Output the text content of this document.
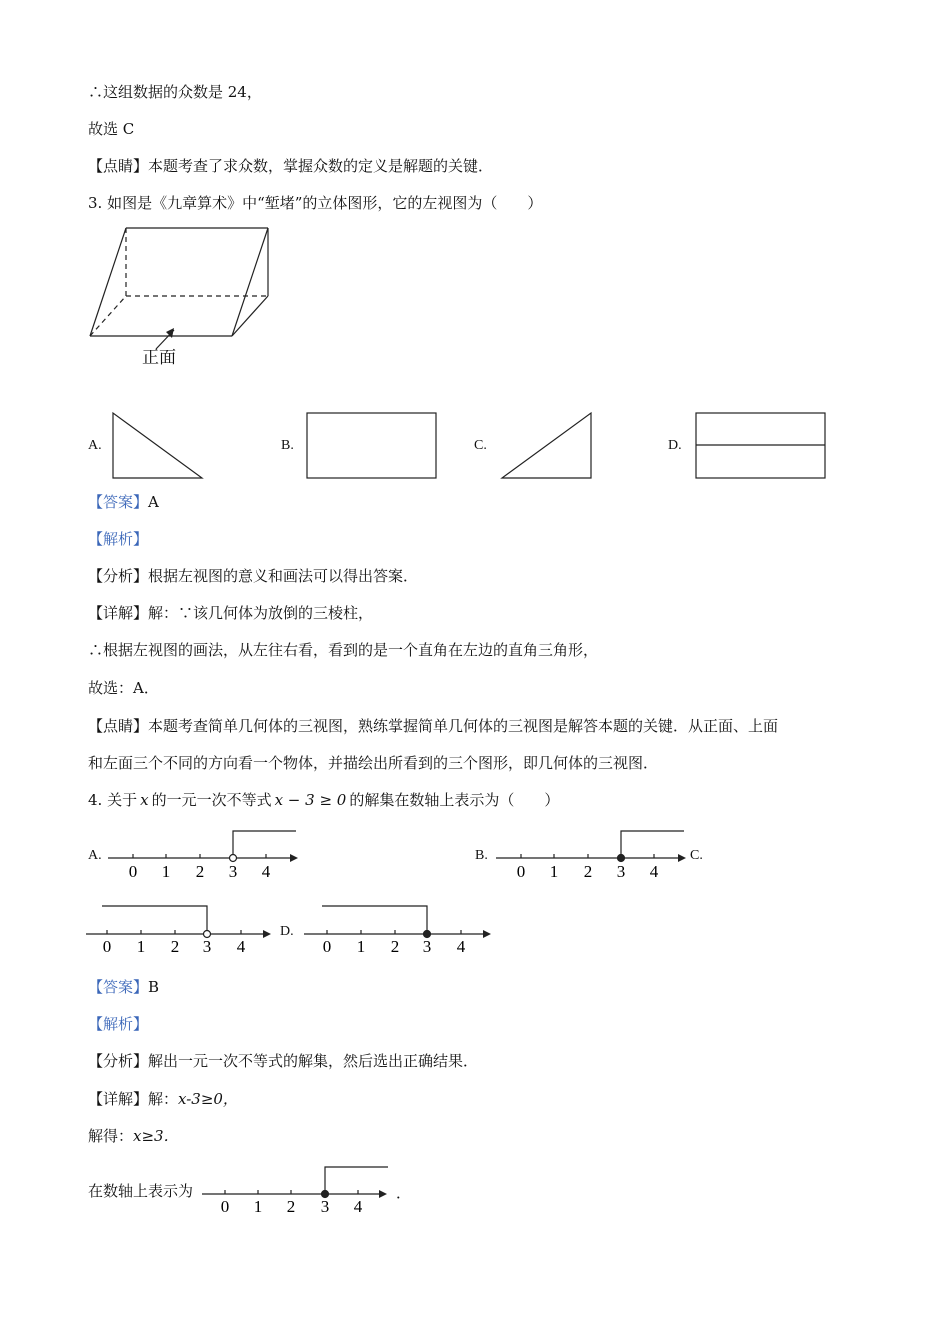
∴这组数据的众数是 24，
故选 C
【点睛】本题考查了求众数，掌握众数的定义是解题的关键．
3. 如图是《九章算术》中“堑堵”的立体图形，它的左视图为（　　）
正面
A.	B.	C.	D.
【答案】A
【解析】
【分析】根据左视图的意义和画法可以得出答案．
【详解】解：∵该几何体为放倒的三棱柱，
∴根据左视图的画法，从左往右看，看到的是一个直角在左边的直角三角形，
故选：A．
【点睛】本题考查简单几何体的三视图，熟练掌握简单几何体的三视图是解答本题的关键．从正面、上面
和左面三个不同的方向看一个物体，并描绘出所看到的三个图形，即几何体的三视图．
4. 关于 x 的一元一次不等式 x − 3 ≥ 0 的解集在数轴上表示为（　　）
A.
0 1 2 3 4
B.
0 1 2 3 4
C.
0 1 2 3 4
D.
0 1 2 3 4
【答案】B
【解析】
【分析】解出一元一次不等式的解集，然后选出正确结果．
【详解】解：x-3≥0，
解得：x≥3．
在数轴上表示为
0 1 2 3 4
．
